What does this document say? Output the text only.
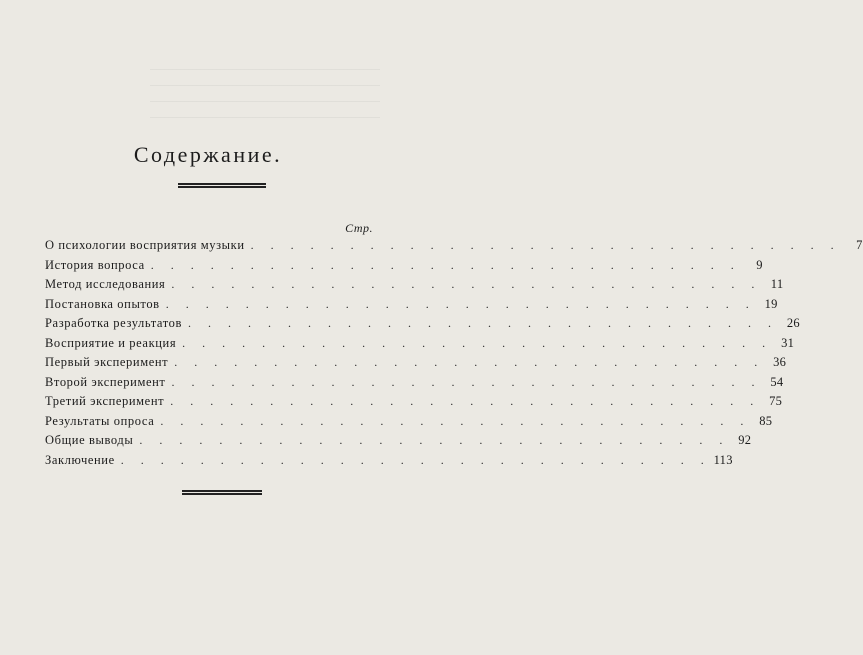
Содержание.
Стр.
О психологии восприятия музыки . . . . . . . . . . . . . . . . . . . . . . . . . . . . . .	7
История вопроса . . . . . . . . . . . . . . . . . . . . . . . . . . . . . .	9
Метод исследования . . . . . . . . . . . . . . . . . . . . . . . . . . . . . . 11
Постановка опытов . . . . . . . . . . . . . . . . . . . . . . . . . . . . . . 19
Разработка результатов . . . . . . . . . . . . . . . . . . . . . . . . . . . . . . 26
Восприятие и реакция . . . . . . . . . . . . . . . . . . . . . . . . . . . . . . 31
Первый эксперимент . . . . . . . . . . . . . . . . . . . . . . . . . . . . . . 36
Второй эксперимент . . . . . . . . . . . . . . . . . . . . . . . . . . . . . . 54
Третий эксперимент . . . . . . . . . . . . . . . . . . . . . . . . . . . . . . 75
Результаты опроса . . . . . . . . . . . . . . . . . . . . . . . . . . . . . . 85
Общие выводы . . . . . . . . . . . . . . . . . . . . . . . . . . . . . . 92
Заключение . . . . . . . . . . . . . . . . . . . . . . . . . . . . . . 113
